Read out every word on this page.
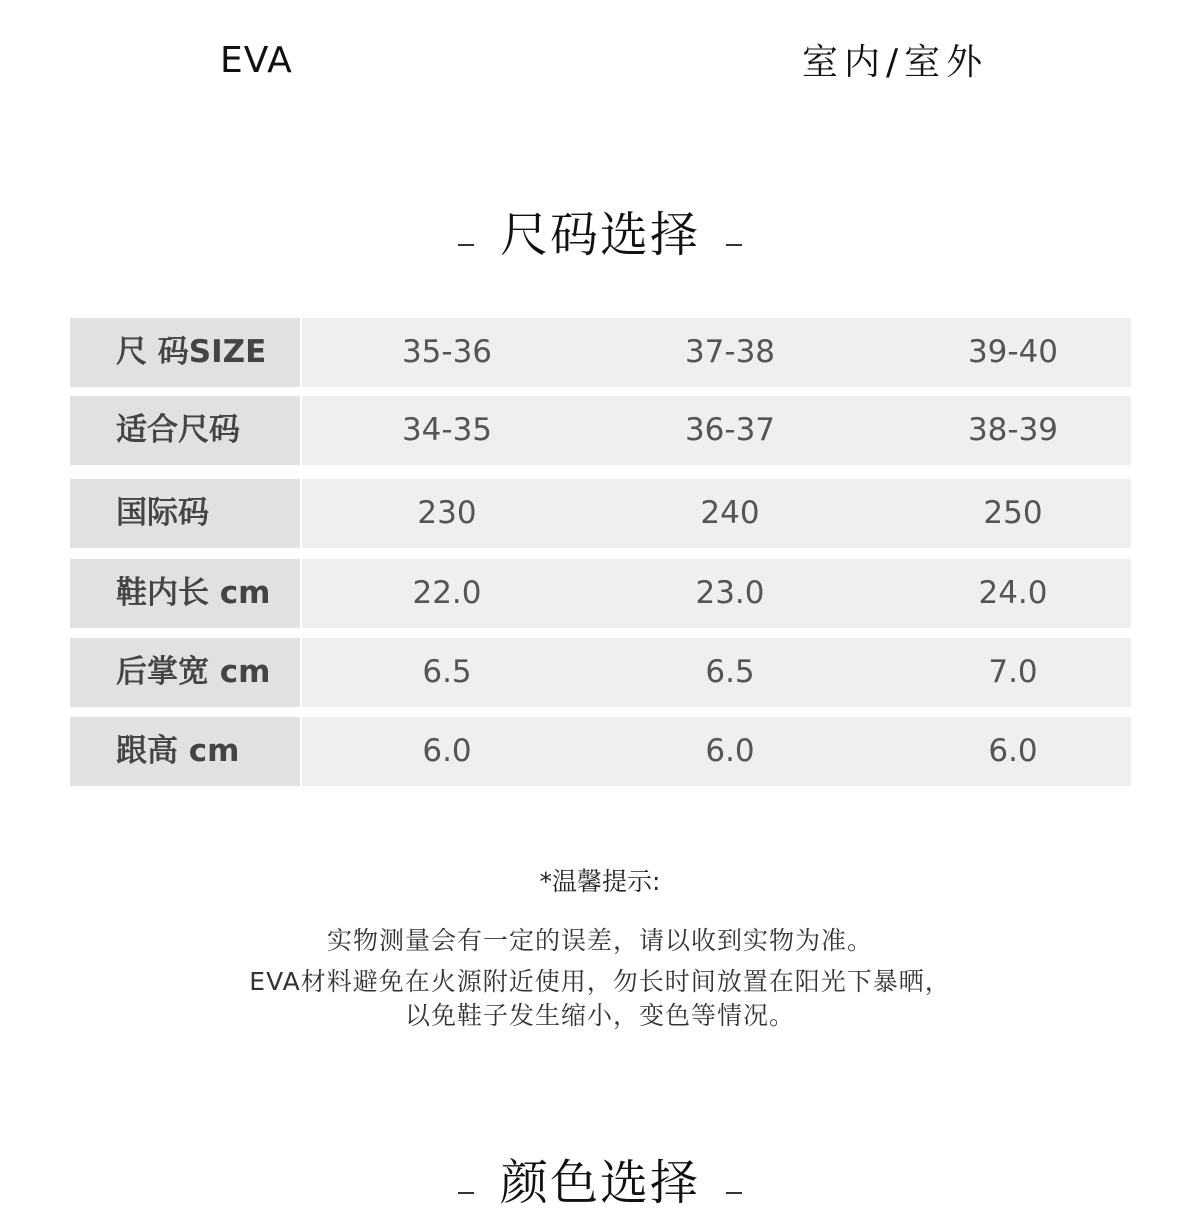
EVA	室内/室外
尺码选择
尺 码SIZE	35-36	37-38	39-40
适合尺码	34-35	36-37	38-39
国际码	230	240	250
鞋内长 cm	22.0	23.0	24.0
后掌宽 cm	6.5	6.5	7.0
跟高 cm	6.0	6.0	6.0
*温馨提示:
实物测量会有一定的误差，请以收到实物为准。
EVA材料避免在火源附近使用，勿长时间放置在阳光下暴晒，
以免鞋子发生缩小，变色等情况。
颜色选择
